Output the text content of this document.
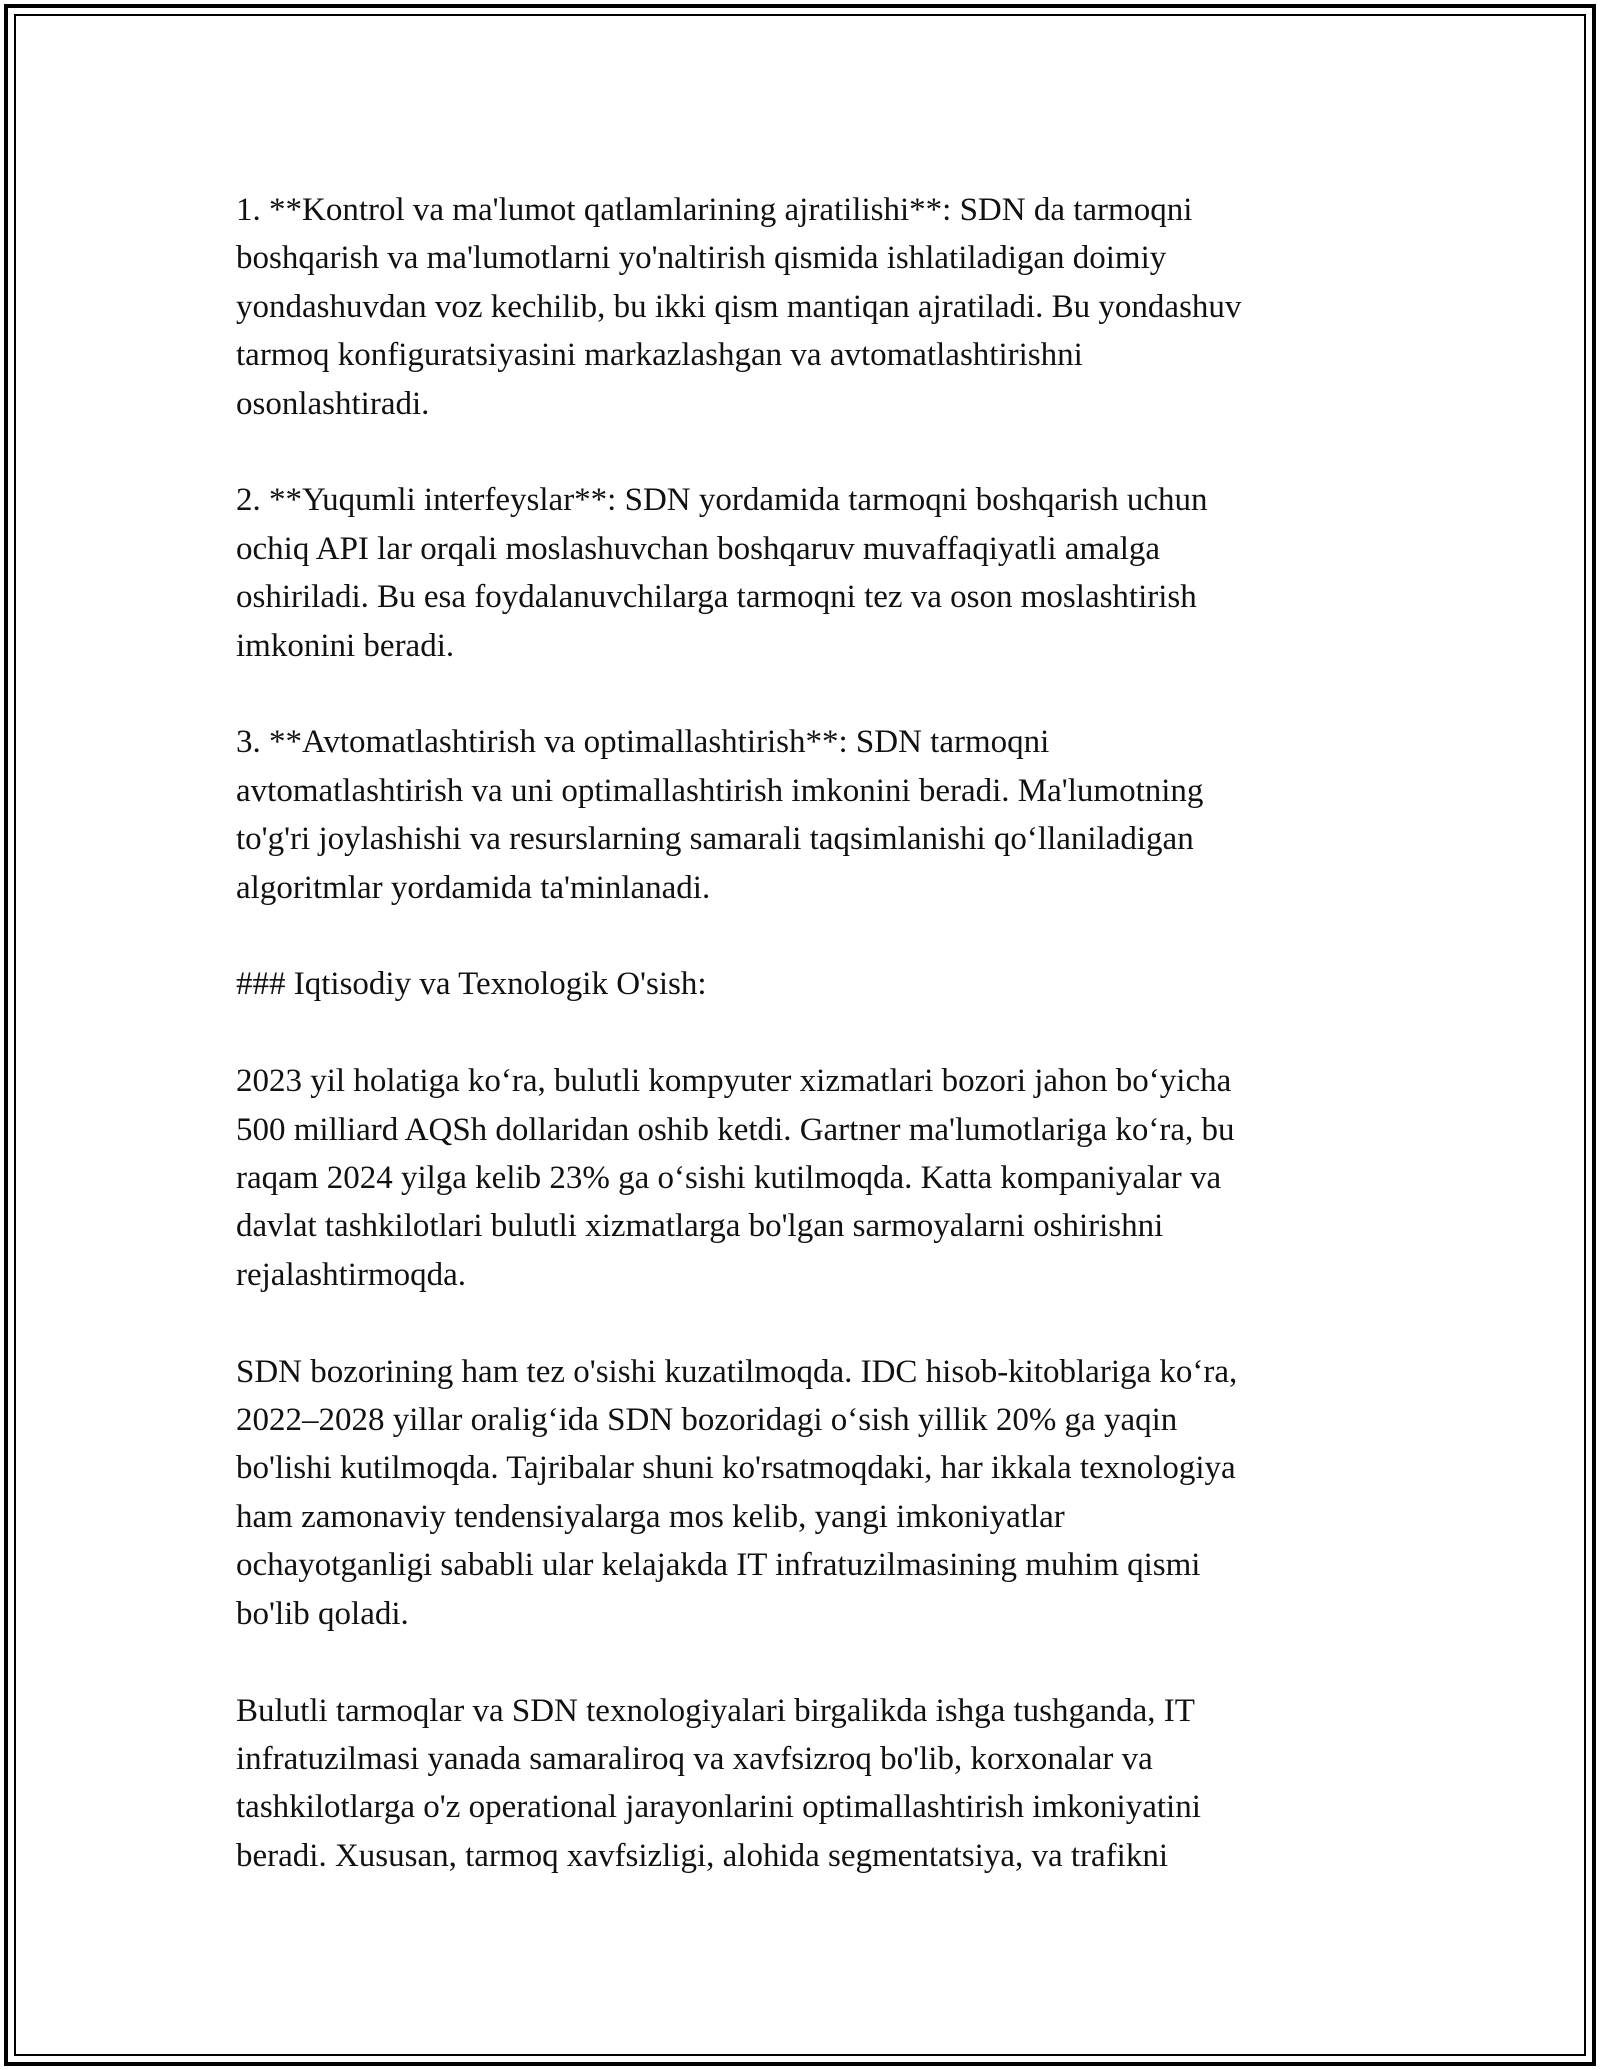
1. **Kontrol va ma'lumot qatlamlarining ajratilishi**: SDN da tarmoqni
boshqarish va ma'lumotlarni yo'naltirish qismida ishlatiladigan doimiy
yondashuvdan voz kechilib, bu ikki qism mantiqan ajratiladi. Bu yondashuv
tarmoq konfiguratsiyasini markazlashgan va avtomatlashtirishni
osonlashtiradi.

2. **Yuqumli interfeyslar**: SDN yordamida tarmoqni boshqarish uchun
ochiq API lar orqali moslashuvchan boshqaruv muvaffaqiyatli amalga
oshiriladi. Bu esa foydalanuvchilarga tarmoqni tez va oson moslashtirish
imkonini beradi.

3. **Avtomatlashtirish va optimallashtirish**: SDN tarmoqni
avtomatlashtirish va uni optimallashtirish imkonini beradi. Ma'lumotning
to'g'ri joylashishi va resurslarning samarali taqsimlanishi qo‘llaniladigan
algoritmlar yordamida ta'minlanadi.

### Iqtisodiy va Texnologik O'sish:

2023 yil holatiga ko‘ra, bulutli kompyuter xizmatlari bozori jahon bo‘yicha
500 milliard AQSh dollaridan oshib ketdi. Gartner ma'lumotlariga ko‘ra, bu
raqam 2024 yilga kelib 23% ga o‘sishi kutilmoqda. Katta kompaniyalar va
davlat tashkilotlari bulutli xizmatlarga bo'lgan sarmoyalarni oshirishni
rejalashtirmoqda.

SDN bozorining ham tez o'sishi kuzatilmoqda. IDC hisob-kitoblariga ko‘ra,
2022–2028 yillar oralig‘ida SDN bozoridagi o‘sish yillik 20% ga yaqin
bo'lishi kutilmoqda. Tajribalar shuni ko'rsatmoqdaki, har ikkala texnologiya
ham zamonaviy tendensiyalarga mos kelib, yangi imkoniyatlar
ochayotganligi sababli ular kelajakda IT infratuzilmasining muhim qismi
bo'lib qoladi.

Bulutli tarmoqlar va SDN texnologiyalari birgalikda ishga tushganda, IT
infratuzilmasi yanada samaraliroq va xavfsizroq bo'lib, korxonalar va
tashkilotlarga o'z operational jarayonlarini optimallashtirish imkoniyatini
beradi. Xususan, tarmoq xavfsizligi, alohida segmentatsiya, va trafikni
